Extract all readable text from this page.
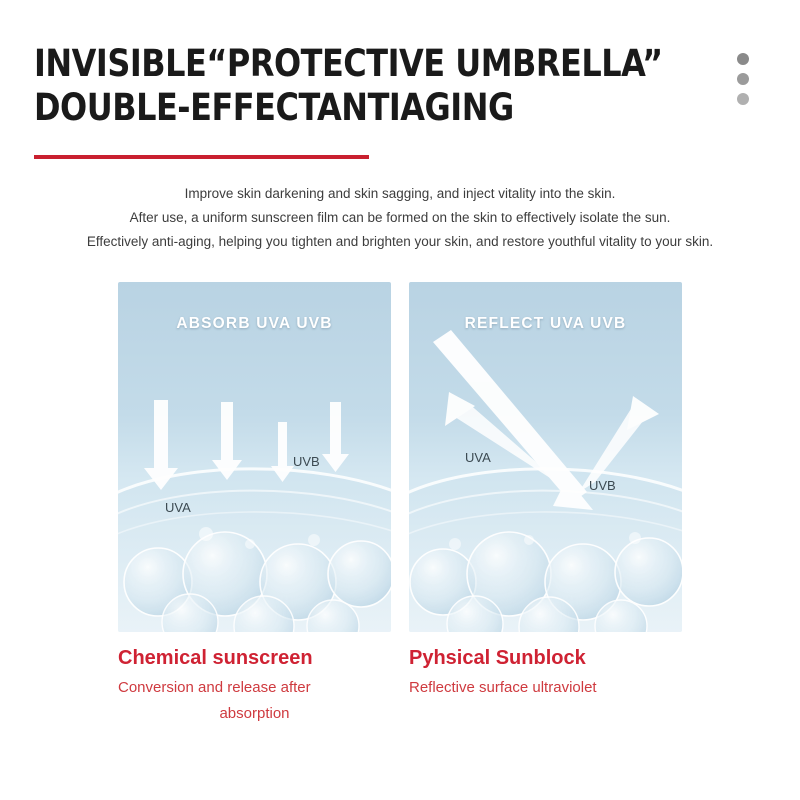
INVISIBLE“PROTECTIVE UMBRELLA”
DOUBLE-EFFECTANTIAGING
Improve skin darkening and skin sagging, and inject vitality into the skin.
After use, a uniform sunscreen film can be formed on the skin to effectively isolate the sun.
Effectively anti-aging, helping you tighten and brighten your skin, and restore youthful vitality to your skin.
UVB
UVA
ABSORB UVA UVB
UVA
UVB
REFLECT UVA UVB
Chemical sunscreen
Conversion and release after
absorption
Pyhsical Sunblock
Reflective surface ultraviolet
